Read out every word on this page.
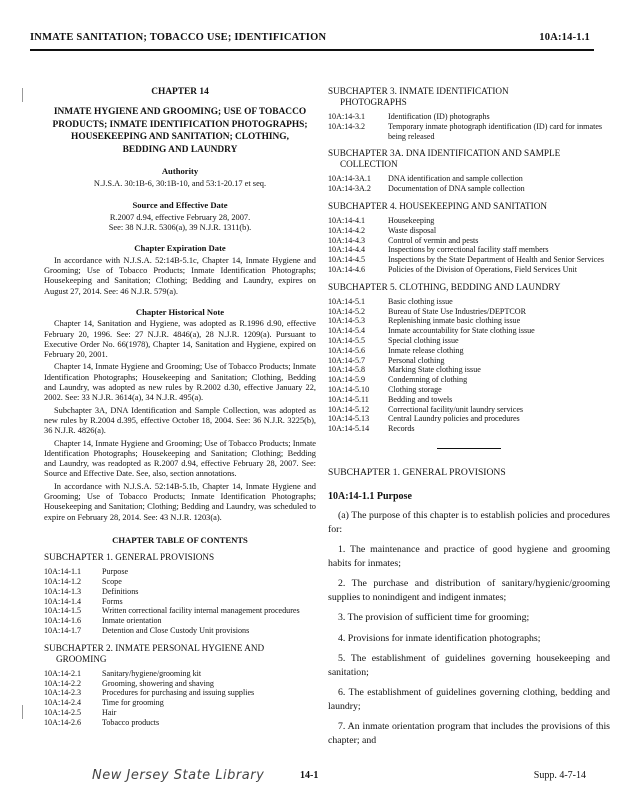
INMATE SANITATION; TOBACCO USE; IDENTIFICATION	10A:14-1.1
CHAPTER 14
INMATE HYGIENE AND GROOMING; USE OF TOBACCO PRODUCTS; INMATE IDENTIFICATION PHOTOGRAPHS; HOUSEKEEPING AND SANITATION; CLOTHING, BEDDING AND LAUNDRY
Authority
N.J.S.A. 30:1B-6, 30:1B-10, and 53:1-20.17 et seq.
Source and Effective Date
R.2007 d.94, effective February 28, 2007.
See: 38 N.J.R. 5306(a), 39 N.J.R. 1311(b).
Chapter Expiration Date

In accordance with N.J.S.A. 52:14B-5.1c, Chapter 14, Inmate Hygiene and Grooming; Use of Tobacco Products; Inmate Identification Photographs; Housekeeping and Sanitation; Clothing; Bedding and Laundry, expires on August 27, 2014. See: 46 N.J.R. 579(a).

Chapter Historical Note

Chapter 14, Sanitation and Hygiene, was adopted as R.1996 d.90, effective February 20, 1996. See: 27 N.J.R. 4846(a), 28 N.J.R. 1209(a). Pursuant to Executive Order No. 66(1978), Chapter 14, Sanitation and Hygiene, expired on February 20, 2001.

Chapter 14, Inmate Hygiene and Grooming; Use of Tobacco Products; Inmate Identification Photographs; Housekeeping and Sanitation; Clothing, Bedding and Laundry, was adopted as new rules by R.2002 d.30, effective January 22, 2002. See: 33 N.J.R. 3614(a), 34 N.J.R. 495(a).

Subchapter 3A, DNA Identification and Sample Collection, was adopted as new rules by R.2004 d.395, effective October 18, 2004. See: 36 N.J.R. 3225(b), 36 N.J.R. 4826(a).

Chapter 14, Inmate Hygiene and Grooming; Use of Tobacco Products; Inmate Identification Photographs; Housekeeping and Sanitation; Clothing; Bedding and Laundry, was readopted as R.2007 d.94, effective February 28, 2007. See: Source and Effective Date. See, also, section annotations.

In accordance with N.J.S.A. 52:14B-5.1b, Chapter 14, Inmate Hygiene and Grooming; Use of Tobacco Products; Inmate Identification Photographs; Housekeeping and Sanitation; Clothing; Bedding and Laundry, was scheduled to expire on February 28, 2014. See: 43 N.J.R. 1203(a).

CHAPTER TABLE OF CONTENTS
SUBCHAPTER 1. GENERAL PROVISIONS
10A:14-1.1	Purpose
10A:14-1.2	Scope
10A:14-1.3	Definitions
10A:14-1.4	Forms
10A:14-1.5	Written correctional facility internal management procedures
10A:14-1.6	Inmate orientation
10A:14-1.7	Detention and Close Custody Unit provisions
SUBCHAPTER 2. INMATE PERSONAL HYGIENE AND
GROOMING
10A:14-2.1	Sanitary/hygiene/grooming kit
10A:14-2.2	Grooming, showering and shaving
10A:14-2.3	Procedures for purchasing and issuing supplies
10A:14-2.4	Time for grooming
10A:14-2.5	Hair
10A:14-2.6	Tobacco products
SUBCHAPTER 3. INMATE IDENTIFICATION
PHOTOGRAPHS
10A:14-3.1	Identification (ID) photographs
10A:14-3.2	Temporary inmate photograph identification (ID) card for inmates being released
SUBCHAPTER 3A. DNA IDENTIFICATION AND SAMPLE
COLLECTION
10A:14-3A.1	DNA identification and sample collection
10A:14-3A.2	Documentation of DNA sample collection
SUBCHAPTER 4. HOUSEKEEPING AND SANITATION
10A:14-4.1	Housekeeping
10A:14-4.2	Waste disposal
10A:14-4.3	Control of vermin and pests
10A:14-4.4	Inspections by correctional facility staff members
10A:14-4.5	Inspections by the State Department of Health and Senior Services
10A:14-4.6	Policies of the Division of Operations, Field Services Unit
SUBCHAPTER 5. CLOTHING, BEDDING AND LAUNDRY
10A:14-5.1	Basic clothing issue
10A:14-5.2	Bureau of State Use Industries/DEPTCOR
10A:14-5.3	Replenishing inmate basic clothing issue
10A:14-5.4	Inmate accountability for State clothing issue
10A:14-5.5	Special clothing issue
10A:14-5.6	Inmate release clothing
10A:14-5.7	Personal clothing
10A:14-5.8	Marking State clothing issue
10A:14-5.9	Condemning of clothing
10A:14-5.10	Clothing storage
10A:14-5.11	Bedding and towels
10A:14-5.12	Correctional facility/unit laundry services
10A:14-5.13	Central Laundry policies and procedures
10A:14-5.14	Records
SUBCHAPTER 1. GENERAL PROVISIONS
10A:14-1.1 Purpose

(a) The purpose of this chapter is to establish policies and procedures for:

1. The maintenance and practice of good hygiene and grooming habits for inmates;

2. The purchase and distribution of sanitary/hygienic/grooming supplies to nonindigent and indigent inmates;

3. The provision of sufficient time for grooming;

4. Provisions for inmate identification photographs;

5. The establishment of guidelines governing housekeeping and sanitation;

6. The establishment of guidelines governing clothing, bedding and laundry;

7. An inmate orientation program that includes the provisions of this chapter; and

New Jersey State Library	14-1	Supp. 4-7-14
